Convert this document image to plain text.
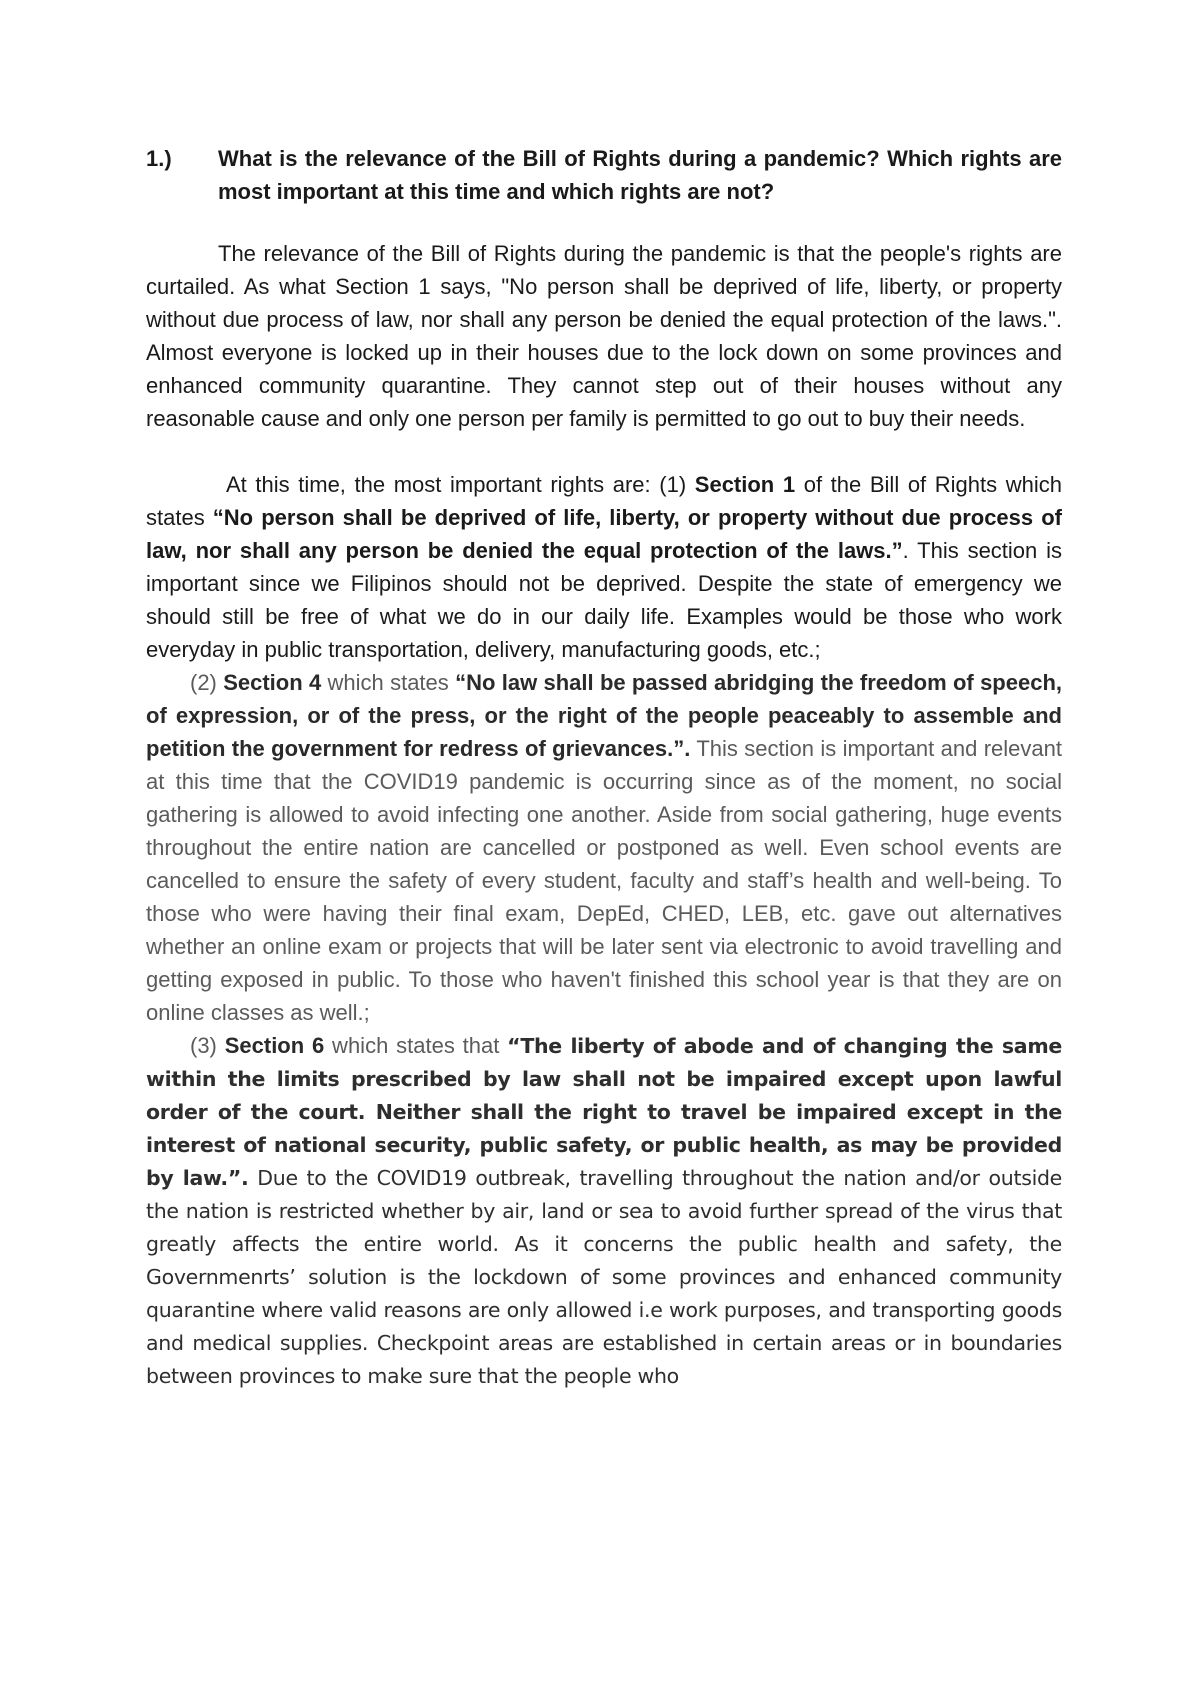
1.)	What is the relevance of the Bill of Rights during a pandemic? Which rights are most important at this time and which rights are not?

The relevance of the Bill of Rights during the pandemic is that the people's rights are curtailed. As what Section 1 says, "No person shall be deprived of life, liberty, or property without due process of law, nor shall any person be denied the equal protection of the laws.". Almost everyone is locked up in their houses due to the lock down on some provinces and enhanced community quarantine. They cannot step out of their houses without any reasonable cause and only one person per family is permitted to go out to buy their needs.

At this time, the most important rights are: (1) Section 1 of the Bill of Rights which states “No person shall be deprived of life, liberty, or property without due process of law, nor shall any person be denied the equal protection of the laws.”. This section is important since we Filipinos should not be deprived. Despite the state of emergency we should still be free of what we do in our daily life. Examples would be those who work everyday in public transportation, delivery, manufacturing goods, etc.;

(2) Section 4 which states “No law shall be passed abridging the freedom of speech, of expression, or of the press, or the right of the people peaceably to assemble and petition the government for redress of grievances.”. This section is important and relevant at this time that the COVID19 pandemic is occurring since as of the moment, no social gathering is allowed to avoid infecting one another. Aside from social gathering, huge events throughout the entire nation are cancelled or postponed as well. Even school events are cancelled to ensure the safety of every student, faculty and staff’s health and well-being. To those who were having their final exam, DepEd, CHED, LEB, etc. gave out alternatives whether an online exam or projects that will be later sent via electronic to avoid travelling and getting exposed in public. To those who haven't finished this school year is that they are on online classes as well.;

(3) Section 6 which states that “The liberty of abode and of changing the same within the limits prescribed by law shall not be impaired except upon lawful order of the court. Neither shall the right to travel be impaired except in the interest of national security, public safety, or public health, as may be provided by law.”. Due to the COVID19 outbreak, travelling throughout the nation and/or outside the nation is restricted whether by air, land or sea to avoid further spread of the virus that greatly affects the entire world. As it concerns the public health and safety, the Governmenrts’ solution is the lockdown of some provinces and enhanced community quarantine where valid reasons are only allowed i.e work purposes, and transporting goods and medical supplies. Checkpoint areas are established in certain areas or in boundaries between provinces to make sure that the people who
